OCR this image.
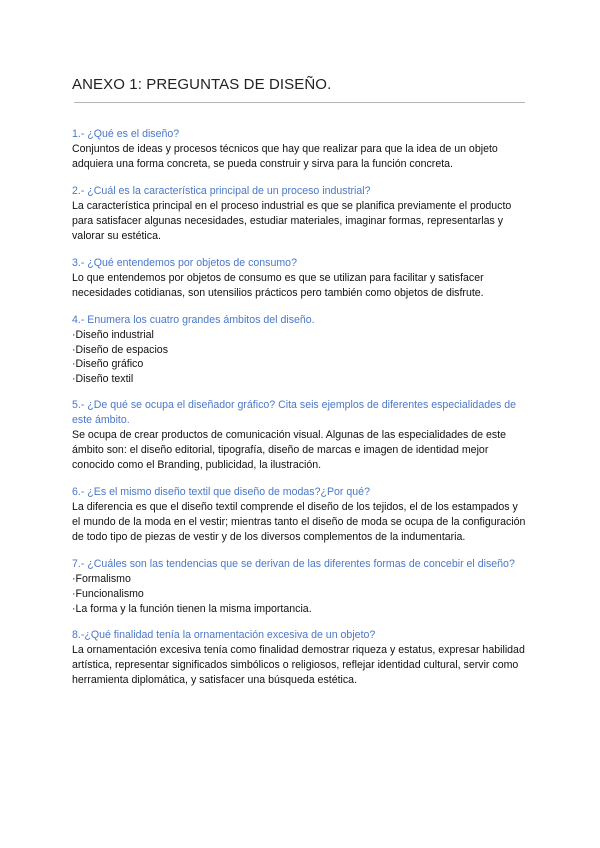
ANEXO 1: PREGUNTAS DE DISEÑO.

1.- ¿Qué es el diseño?

Conjuntos de ideas y procesos técnicos que hay que realizar para que la idea de un objeto adquiera una forma concreta, se pueda construir y sirva para la función concreta.

2.- ¿Cuál es la característica principal de un proceso industrial?

La característica principal en el proceso industrial es que se planifica previamente el producto para satisfacer algunas necesidades, estudiar materiales, imaginar formas, representarlas y valorar su estética.

3.- ¿Qué entendemos por objetos de consumo?

Lo que entendemos por objetos de consumo es que se utilizan para facilitar y satisfacer necesidades cotidianas, son utensilios prácticos pero también como objetos de disfrute.

4.- Enumera los cuatro grandes ámbitos del diseño.

·Diseño industrial
·Diseño de espacios
·Diseño gráfico
·Diseño textil

5.- ¿De qué se ocupa el diseñador gráfico? Cita seis ejemplos de diferentes especialidades de este ámbito.

Se ocupa de crear productos de comunicación visual. Algunas de las especialidades de este ámbito son: el diseño editorial, tipografía, diseño de marcas e imagen de identidad mejor conocido como el Branding, publicidad, la ilustración.

6.- ¿Es el mismo diseño textil que diseño de modas?¿Por qué?

La diferencia es que el diseño textil comprende el diseño de los tejidos, el de los estampados y el mundo de la moda en el vestir; mientras tanto el diseño de moda se ocupa de la configuración de todo tipo de piezas de vestir y de los diversos complementos de la indumentaria.

7.- ¿Cuáles son las tendencias que se derivan de las diferentes formas de concebir el diseño?

·Formalismo
·Funcionalismo
·La forma y la función tienen la misma importancia.

8.-¿Qué finalidad tenía la ornamentación excesiva de un objeto?

La ornamentación excesiva tenía como finalidad demostrar riqueza y estatus, expresar habilidad artística, representar significados simbólicos o religiosos, reflejar identidad cultural, servir como herramienta diplomática, y satisfacer una búsqueda estética.
